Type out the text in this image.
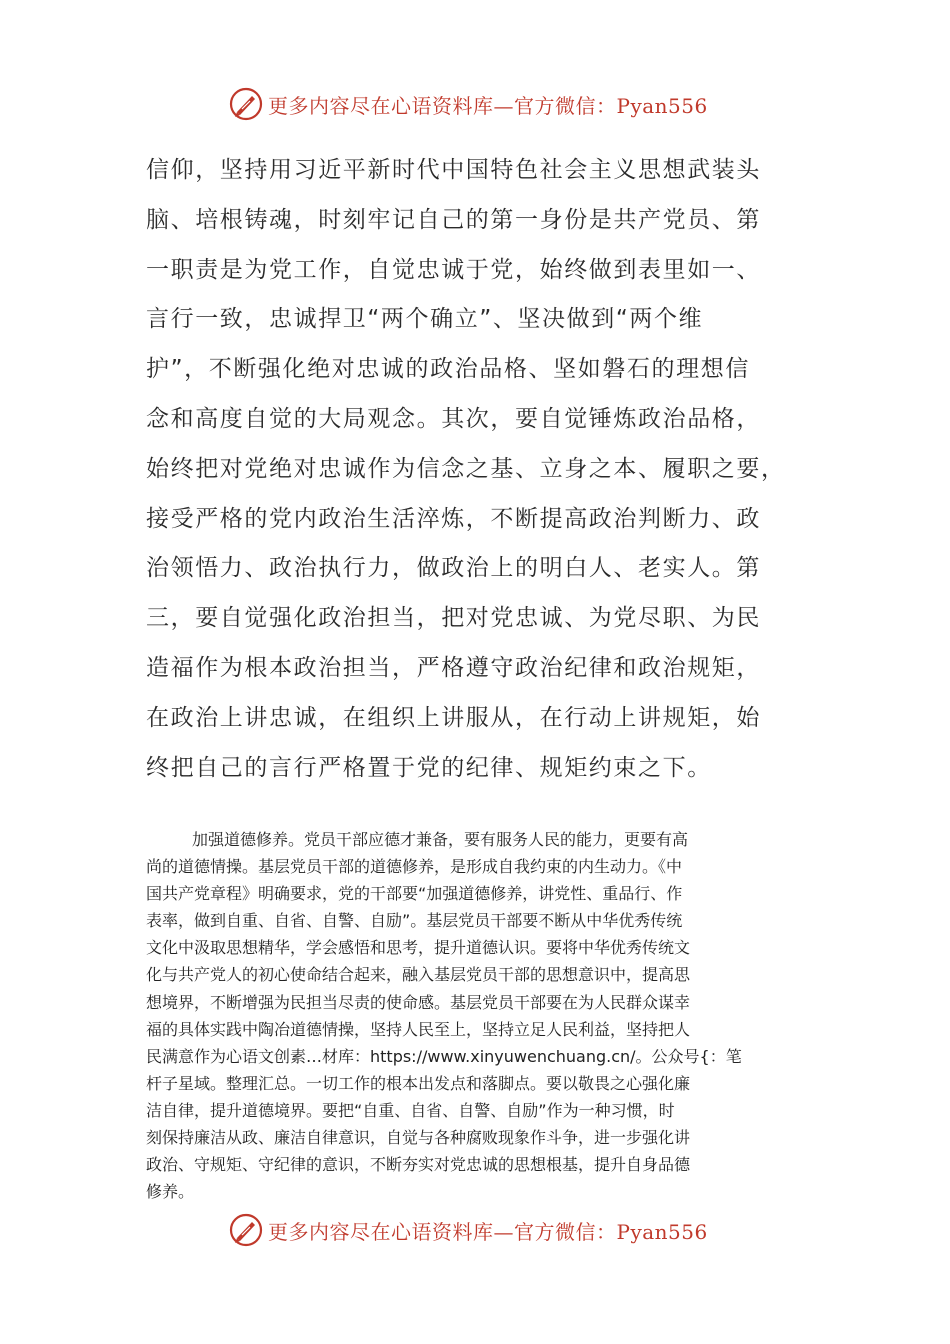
更多内容尽在心语资料库—官方微信：Pyan556
信仰，坚持用习近平新时代中国特色社会主义思想武装头
脑、培根铸魂，时刻牢记自己的第一身份是共产党员、第
一职责是为党工作，自觉忠诚于党，始终做到表里如一、
言行一致，忠诚捍卫“两个确立”、坚决做到“两个维
护”，不断强化绝对忠诚的政治品格、坚如磐石的理想信
念和高度自觉的大局观念。其次，要自觉锤炼政治品格，
始终把对党绝对忠诚作为信念之基、立身之本、履职之要，
接受严格的党内政治生活淬炼，不断提高政治判断力、政
治领悟力、政治执行力，做政治上的明白人、老实人。第
三，要自觉强化政治担当，把对党忠诚、为党尽职、为民
造福作为根本政治担当，严格遵守政治纪律和政治规矩，
在政治上讲忠诚，在组织上讲服从，在行动上讲规矩，始
终把自己的言行严格置于党的纪律、规矩约束之下。
加强道德修养。党员干部应德才兼备，要有服务人民的能力，更要有高
尚的道德情操。基层党员干部的道德修养，是形成自我约束的内生动力。《中
国共产党章程》明确要求，党的干部要“加强道德修养，讲党性、重品行、作
表率，做到自重、自省、自警、自励”。基层党员干部要不断从中华优秀传统
文化中汲取思想精华，学会感悟和思考，提升道德认识。要将中华优秀传统文
化与共产党人的初心使命结合起来，融入基层党员干部的思想意识中，提高思
想境界，不断增强为民担当尽责的使命感。基层党员干部要在为人民群众谋幸
福的具体实践中陶冶道德情操，坚持人民至上，坚持立足人民利益，坚持把人
民满意作为心语文创素…材库：https://www.xinyuwenchuang.cn/。公众号{：笔
杆子星域。整理汇总。一切工作的根本出发点和落脚点。要以敬畏之心强化廉
洁自律，提升道德境界。要把“自重、自省、自警、自励”作为一种习惯，时
刻保持廉洁从政、廉洁自律意识，自觉与各种腐败现象作斗争，进一步强化讲
政治、守规矩、守纪律的意识，不断夯实对党忠诚的思想根基，提升自身品德
修养。
更多内容尽在心语资料库—官方微信：Pyan556
